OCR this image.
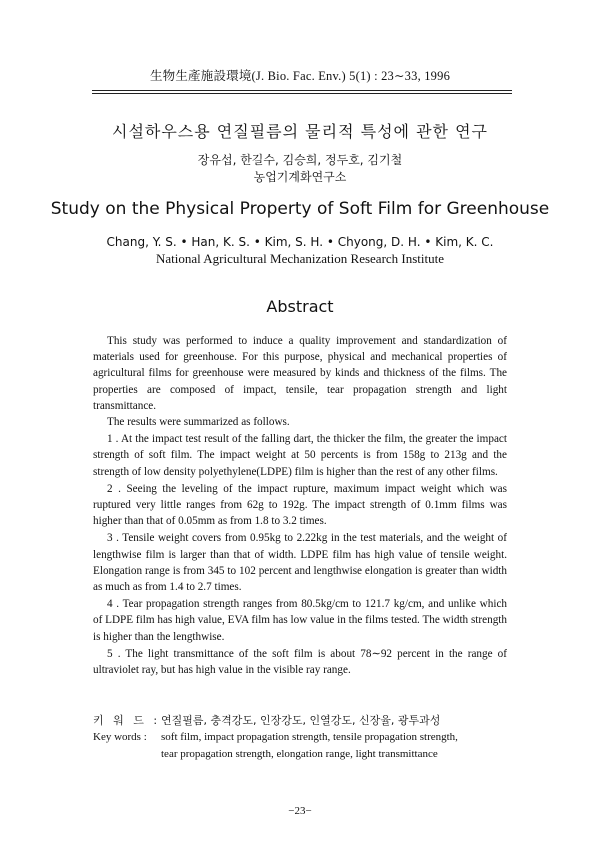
生物生產施設環境(J. Bio. Fac. Env.) 5(1) : 23∼33, 1996
시설하우스용 연질필름의 물리적 특성에 관한 연구
장유섭, 한길수, 김승희, 정두호, 김기철
농업기계화연구소
Study on the Physical Property of Soft Film for Greenhouse
Chang, Y. S. • Han, K. S. • Kim, S. H. • Chyong, D. H. • Kim, K. C.
National Agricultural Mechanization Research Institute
Abstract

This study was performed to induce a quality improvement and standardization of materials used for greenhouse. For this purpose, physical and mechanical properties of agricultural films for greenhouse were measured by kinds and thickness of the films. The properties are composed of impact, tensile, tear propagation strength and light transmittance.

The results were summarized as follows.

1 . At the impact test result of the falling dart, the thicker the film, the greater the impact strength of soft film. The impact weight at 50 percents is from 158g to 213g and the strength of low density polyethylene(LDPE) film is higher than the rest of any other films.

2 . Seeing the leveling of the impact rupture, maximum impact weight which was ruptured very little ranges from 62g to 192g. The impact strength of 0.1mm films was higher than that of 0.05mm as from 1.8 to 3.2 times.

3 . Tensile weight covers from 0.95kg to 2.22kg in the test materials, and the weight of lengthwise film is larger than that of width. LDPE film has high value of tensile weight. Elongation range is from 345 to 102 percent and lengthwise elongation is greater than width as much as from 1.4 to 2.7 times.

4 . Tear propagation strength ranges from 80.5kg/cm to 121.7 kg/cm, and unlike which of LDPE film has high value, EVA film has low value in the films tested. The width strength is higher than the lengthwise.

5 . The light transmittance of the soft film is about 78∼92 percent in the range of ultraviolet ray, but has high value in the visible ray range.

키 워 드 : 연질필름, 충격강도, 인장강도, 인열강도, 신장율, 광투과성
Key words :	soft film, impact propagation strength, tensile propagation strength,
tear propagation strength, elongation range, light transmittance
−23−
